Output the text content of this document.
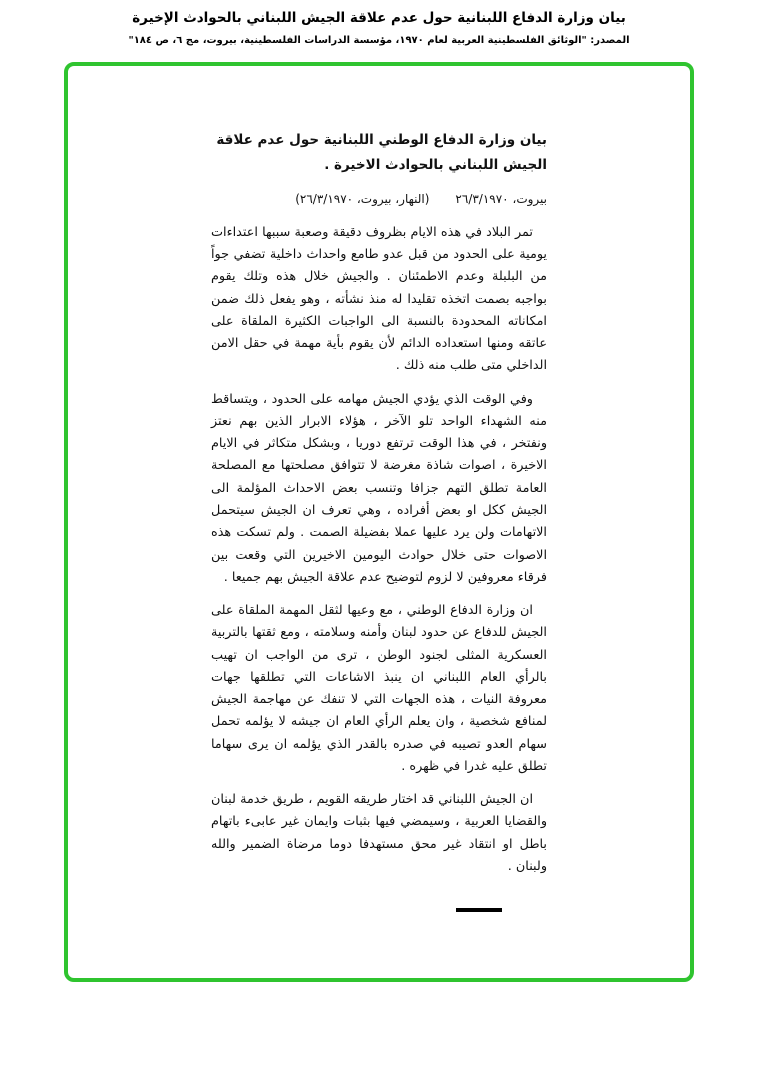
بيان وزارة الدفاع اللبنانية حول عدم علاقة الجيش اللبناني بالحوادث الإخيرة
المصدر: "الوثائق الفلسطينية العربية لعام ١٩٧٠، مؤسسة الدراسات الفلسطينية، بيروت، مج ٦، ص ١٨٤"
بيان وزارة الدفاع الوطني اللبنانية حول عدم علاقة الجيش اللبناني بالحوادث الاخيرة .
بيروت، ٢٦/٣/١٩٧٠
(النهار، بيروت، ٢٦/٣/١٩٧٠)

تمر البلاد في هذه الايام بظروف دقيقة وصعبة سببها اعتداءات يومية على الحدود من قبل عدو طامع واحداث داخلية تضفي جواً من البلبلة وعدم الاطمئنان . والجيش خلال هذه وتلك يقوم بواجبه بصمت اتخذه تقليدا له منذ نشأته ، وهو يفعل ذلك ضمن امكاناته المحدودة بالنسبة الى الواجبات الكثيرة الملقاة على عاتقه ومنها استعداده الدائم لأن يقوم بأية مهمة في حقل الامن الداخلي متى طلب منه ذلك .

وفي الوقت الذي يؤدي الجيش مهامه على الحدود ، ويتساقط منه الشهداء الواحد تلو الآخر ، هؤلاء الابرار الذين بهم نعتز ونفتخر ، في هذا الوقت ترتفع دوريا ، وبشكل متكاثر في الايام الاخيرة ، اصوات شاذة مغرضة لا تتوافق مصلحتها مع المصلحة العامة تطلق التهم جزافا وتنسب بعض الاحداث المؤلمة الى الجيش ككل او بعض أفراده ، وهي تعرف ان الجيش سيتحمل الاتهامات ولن يرد عليها عملا بفضيلة الصمت . ولم تسكت هذه الاصوات حتى خلال حوادث اليومين الاخيرين التي وقعت بين فرقاء معروفين لا لزوم لتوضيح عدم علاقة الجيش بهم جميعا .

ان وزارة الدفاع الوطني ، مع وعيها لثقل المهمة الملقاة على الجيش للدفاع عن حدود لبنان وأمنه وسلامته ، ومع ثقتها بالتربية العسكرية المثلى لجنود الوطن ، ترى من الواجب ان تهيب بالرأي العام اللبناني ان ينبذ الاشاعات التي تطلقها جهات معروفة النيات ، هذه الجهات التي لا تنفك عن مهاجمة الجيش لمنافع شخصية ، وان يعلم الرأي العام ان جيشه لا يؤلمه تحمل سهام العدو تصيبه في صدره بالقدر الذي يؤلمه ان يرى سهاما تطلق عليه غدرا في ظهره .

ان الجيش اللبناني قد اختار طريقه القويم ، طريق خدمة لبنان والقضايا العربية ، وسيمضي فيها بثبات وايمان غير عابىء باتهام باطل او انتقاد غير محق مستهدفا دوما مرضاة الضمير والله ولبنان .
